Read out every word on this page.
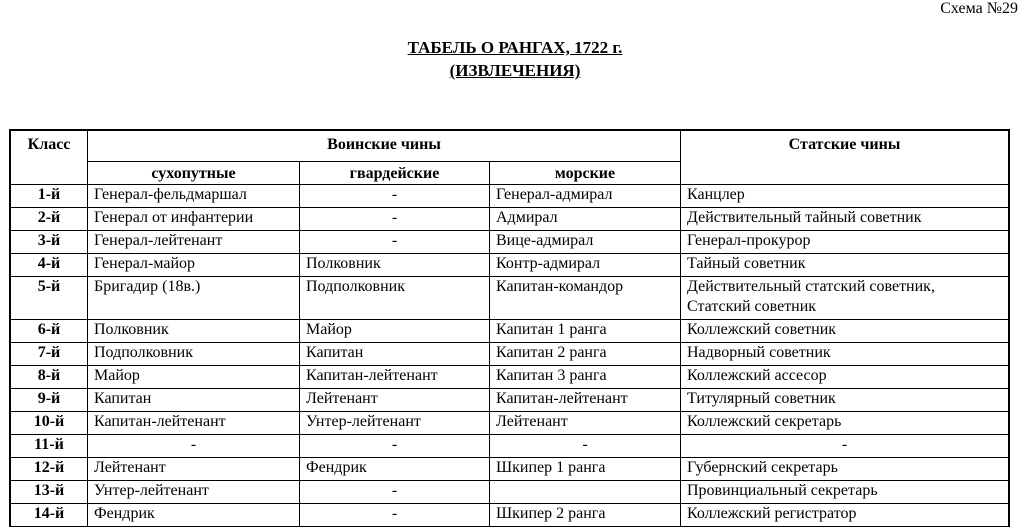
Схема №29
ТАБЕЛЬ О РАНГАХ, 1722 г.
(ИЗВЛЕЧЕНИЯ)
Класс	Воинские чины			Статские чины
	сухопутные	гвардейские	морские	
1-й	Генерал-фельдмаршал	-	Генерал-адмирал	Канцлер

2-й	Генерал от инфантерии	-	Адмирал	Действительный тайный советник

3-й	Генерал-лейтенант	-	Вице-адмирал	Генерал-прокурор

4-й	Генерал-майор	Полковник	Контр-адмирал	Тайный советник

5-й	Бригадир (18в.)	Подполковник	Капитан-командор	Действительный статский советник,
Статский советник

6-й	Полковник	Майор	Капитан 1 ранга	Коллежский советник

7-й	Подполковник	Капитан	Капитан 2 ранга	Надворный советник

8-й	Майор	Капитан-лейтенант	Капитан 3 ранга	Коллежский ассесор

9-й	Капитан	Лейтенант	Капитан-лейтенант	Титулярный советник

10-й	Капитан-лейтенант	Унтер-лейтенант	Лейтенант	Коллежский секретарь

11-й	-	-	-	-

12-й	Лейтенант	Фендрик	Шкипер 1 ранга	Губернский секретарь

13-й	Унтер-лейтенант	-		Провинциальный секретарь

14-й	Фендрик	-	Шкипер 2 ранга	Коллежский регистратор
